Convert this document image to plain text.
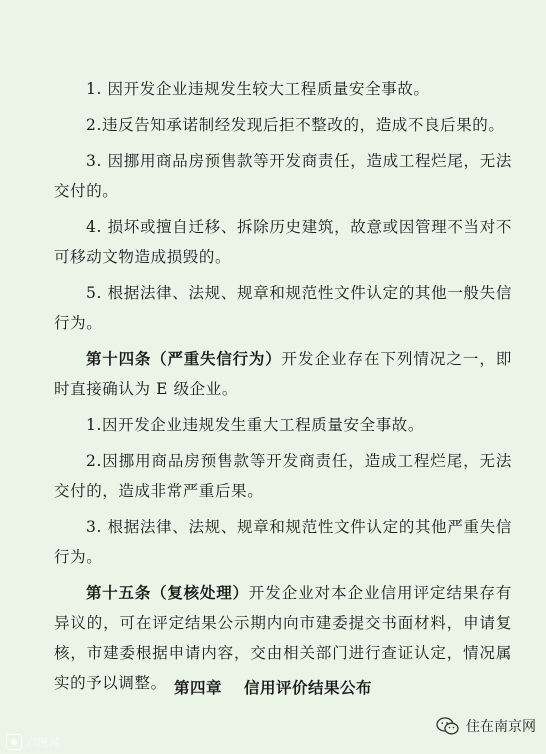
1. 因开发企业违规发生较大工程质量安全事故。

2.违反告知承诺制经发现后拒不整改的，造成不良后果的。

3. 因挪用商品房预售款等开发商责任，造成工程烂尾，无法交付的。

4. 损坏或擅自迁移、拆除历史建筑，故意或因管理不当对不可移动文物造成损毁的。

5. 根据法律、法规、规章和规范性文件认定的其他一般失信行为。

第十四条（严重失信行为）开发企业存在下列情况之一，即时直接确认为 E 级企业。

1.因开发企业违规发生重大工程质量安全事故。

2.因挪用商品房预售款等开发商责任，造成工程烂尾，无法交付的，造成非常严重后果。

3. 根据法律、法规、规章和规范性文件认定的其他严重失信行为。

第十五条（复核处理）开发企业对本企业信用评定结果存有异议的，可在评定结果公示期内向市建委提交书面材料，申请复核，市建委根据申请内容，交由相关部门进行查证认定，情况属实的予以调整。 第四章 信用评价结果公布
六图网
住在南京网
